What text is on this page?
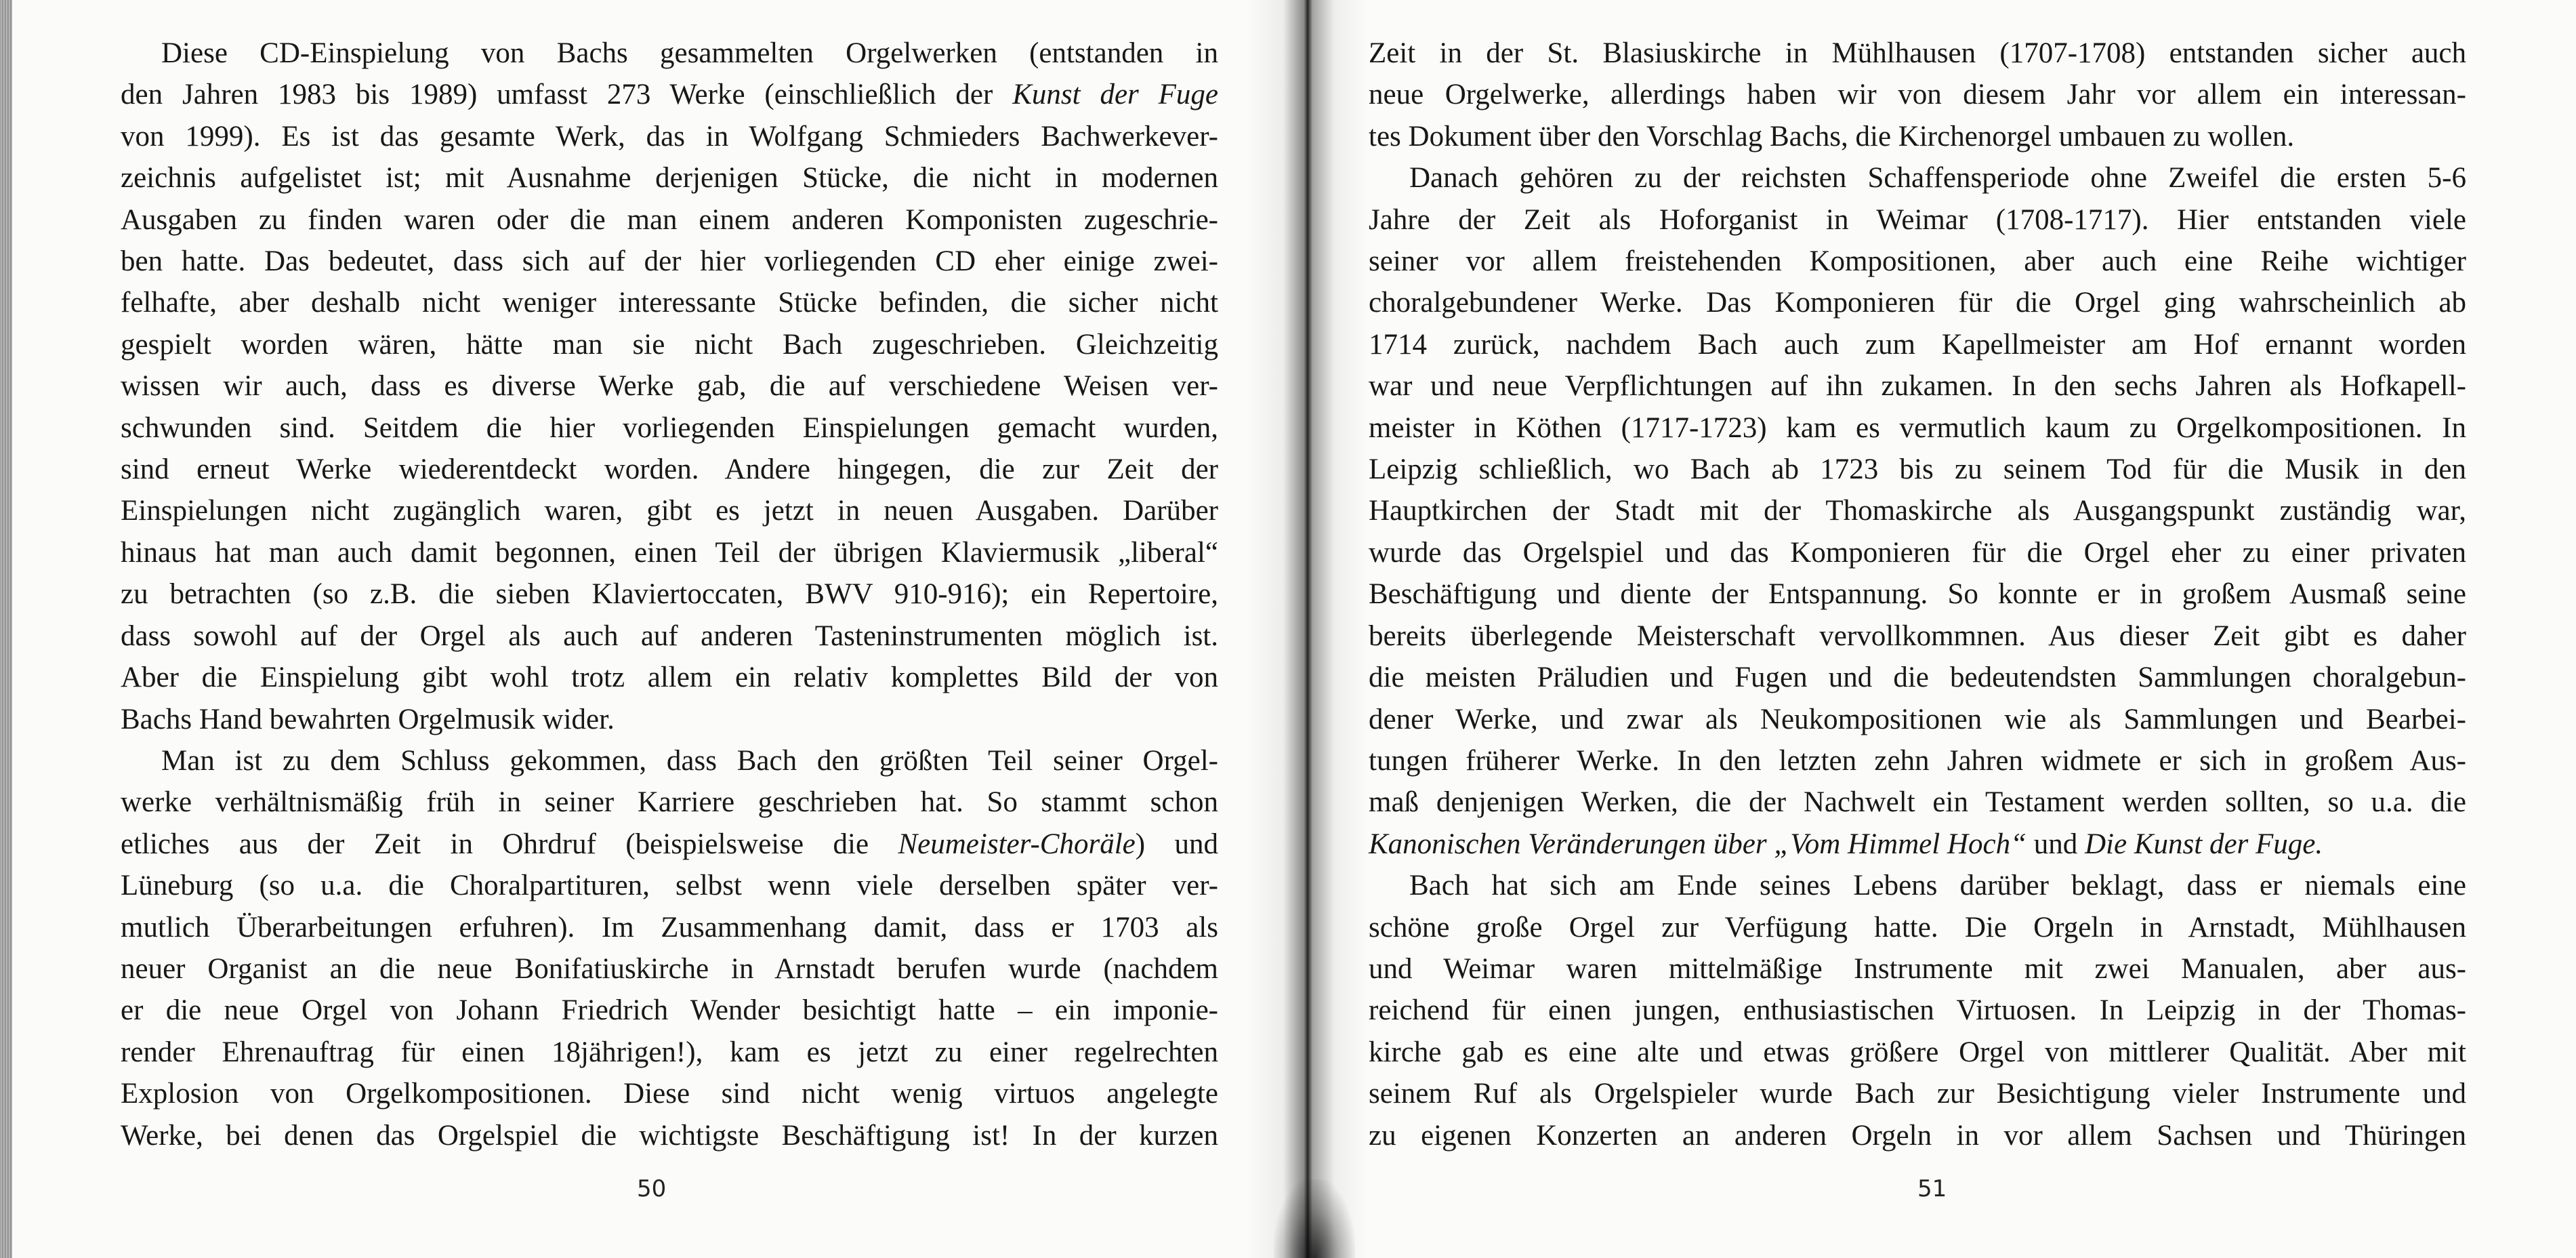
Diese CD-Einspielung von Bachs gesammelten Orgelwerken (entstanden in
den Jahren 1983 bis 1989) umfasst 273 Werke (einschließlich der Kunst der Fuge
von 1999). Es ist das gesamte Werk, das in Wolfgang Schmieders Bachwerkever-
zeichnis aufgelistet ist; mit Ausnahme derjenigen Stücke, die nicht in modernen
Ausgaben zu finden waren oder die man einem anderen Komponisten zugeschrie-
ben hatte. Das bedeutet, dass sich auf der hier vorliegenden CD eher einige zwei-
felhafte, aber deshalb nicht weniger interessante Stücke befinden, die sicher nicht
gespielt worden wären, hätte man sie nicht Bach zugeschrieben. Gleichzeitig
wissen wir auch, dass es diverse Werke gab, die auf verschiedene Weisen ver-
schwunden sind. Seitdem die hier vorliegenden Einspielungen gemacht wurden,
sind erneut Werke wiederentdeckt worden. Andere hingegen, die zur Zeit der
Einspielungen nicht zugänglich waren, gibt es jetzt in neuen Ausgaben. Darüber
hinaus hat man auch damit begonnen, einen Teil der übrigen Klaviermusik „liberal“
zu betrachten (so z.B. die sieben Klaviertoccaten, BWV 910-916); ein Repertoire,
dass sowohl auf der Orgel als auch auf anderen Tasteninstrumenten möglich ist.
Aber die Einspielung gibt wohl trotz allem ein relativ komplettes Bild der von
Bachs Hand bewahrten Orgelmusik wider.

Man ist zu dem Schluss gekommen, dass Bach den größten Teil seiner Orgel-
werke verhältnismäßig früh in seiner Karriere geschrieben hat. So stammt schon
etliches aus der Zeit in Ohrdruf (beispielsweise die Neumeister-Choräle) und
Lüneburg (so u.a. die Choralpartituren, selbst wenn viele derselben später ver-
mutlich Überarbeitungen erfuhren). Im Zusammenhang damit, dass er 1703 als
neuer Organist an die neue Bonifatiuskirche in Arnstadt berufen wurde (nachdem
er die neue Orgel von Johann Friedrich Wender besichtigt hatte – ein imponie-
render Ehrenauftrag für einen 18jährigen!), kam es jetzt zu einer regelrechten
Explosion von Orgelkompositionen. Diese sind nicht wenig virtuos angelegte
Werke, bei denen das Orgelspiel die wichtigste Beschäftigung ist! In der kurzen

50

Zeit in der St. Blasiuskirche in Mühlhausen (1707-1708) entstanden sicher auch
neue Orgelwerke, allerdings haben wir von diesem Jahr vor allem ein interessan-
tes Dokument über den Vorschlag Bachs, die Kirchenorgel umbauen zu wollen.

Danach gehören zu der reichsten Schaffensperiode ohne Zweifel die ersten 5-6
Jahre der Zeit als Hoforganist in Weimar (1708-1717). Hier entstanden viele
seiner vor allem freistehenden Kompositionen, aber auch eine Reihe wichtiger
choralgebundener Werke. Das Komponieren für die Orgel ging wahrscheinlich ab
1714 zurück, nachdem Bach auch zum Kapellmeister am Hof ernannt worden
war und neue Verpflichtungen auf ihn zukamen. In den sechs Jahren als Hofkapell-
meister in Köthen (1717-1723) kam es vermutlich kaum zu Orgelkompositionen. In
Leipzig schließlich, wo Bach ab 1723 bis zu seinem Tod für die Musik in den
Hauptkirchen der Stadt mit der Thomaskirche als Ausgangspunkt zuständig war,
wurde das Orgelspiel und das Komponieren für die Orgel eher zu einer privaten
Beschäftigung und diente der Entspannung. So konnte er in großem Ausmaß seine
bereits überlegende Meisterschaft vervollkommnen. Aus dieser Zeit gibt es daher
die meisten Präludien und Fugen und die bedeutendsten Sammlungen choralgebun-
dener Werke, und zwar als Neukompositionen wie als Sammlungen und Bearbei-
tungen früherer Werke. In den letzten zehn Jahren widmete er sich in großem Aus-
maß denjenigen Werken, die der Nachwelt ein Testament werden sollten, so u.a. die
Kanonischen Veränderungen über „Vom Himmel Hoch“ und Die Kunst der Fuge.

Bach hat sich am Ende seines Lebens darüber beklagt, dass er niemals eine
schöne große Orgel zur Verfügung hatte. Die Orgeln in Arnstadt, Mühlhausen
und Weimar waren mittelmäßige Instrumente mit zwei Manualen, aber aus-
reichend für einen jungen, enthusiastischen Virtuosen. In Leipzig in der Thomas-
kirche gab es eine alte und etwas größere Orgel von mittlerer Qualität. Aber mit
seinem Ruf als Orgelspieler wurde Bach zur Besichtigung vieler Instrumente und
zu eigenen Konzerten an anderen Orgeln in vor allem Sachsen und Thüringen

51
